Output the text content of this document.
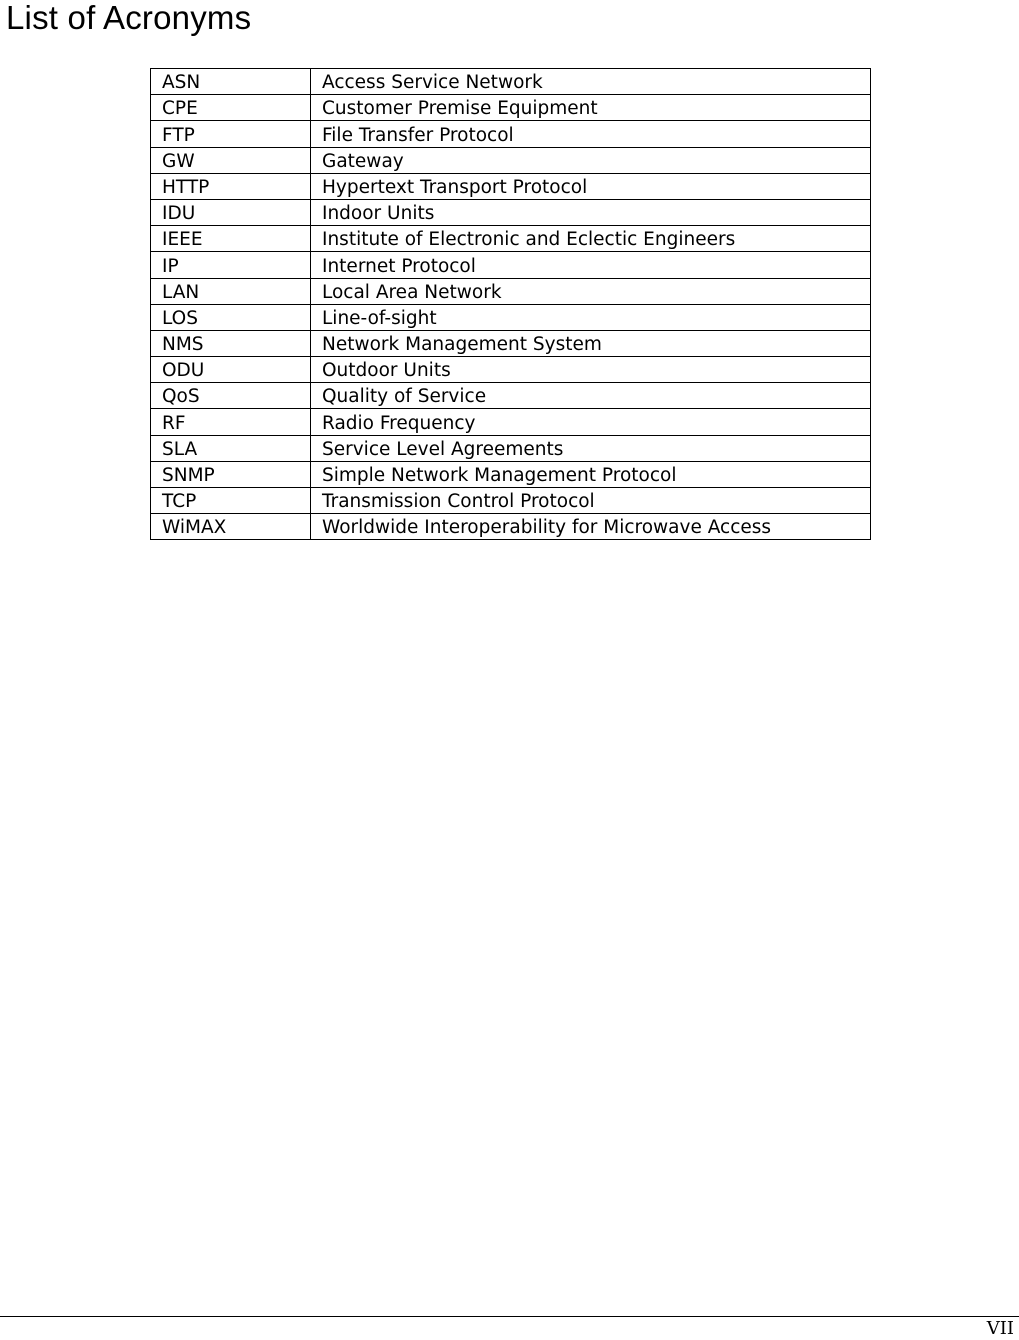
List of Acronyms
ASN	Access Service Network
CPE	Customer Premise Equipment
FTP	File Transfer Protocol
GW	Gateway
HTTP	Hypertext Transport Protocol
IDU	Indoor Units
IEEE	Institute of Electronic and Eclectic Engineers
IP	Internet Protocol
LAN	Local Area Network
LOS	Line-of-sight
NMS	Network Management System
ODU	Outdoor Units
QoS	Quality of Service
RF	Radio Frequency
SLA	Service Level Agreements
SNMP	Simple Network Management Protocol
TCP	Transmission Control Protocol
WiMAX	Worldwide Interoperability for Microwave Access
VII
